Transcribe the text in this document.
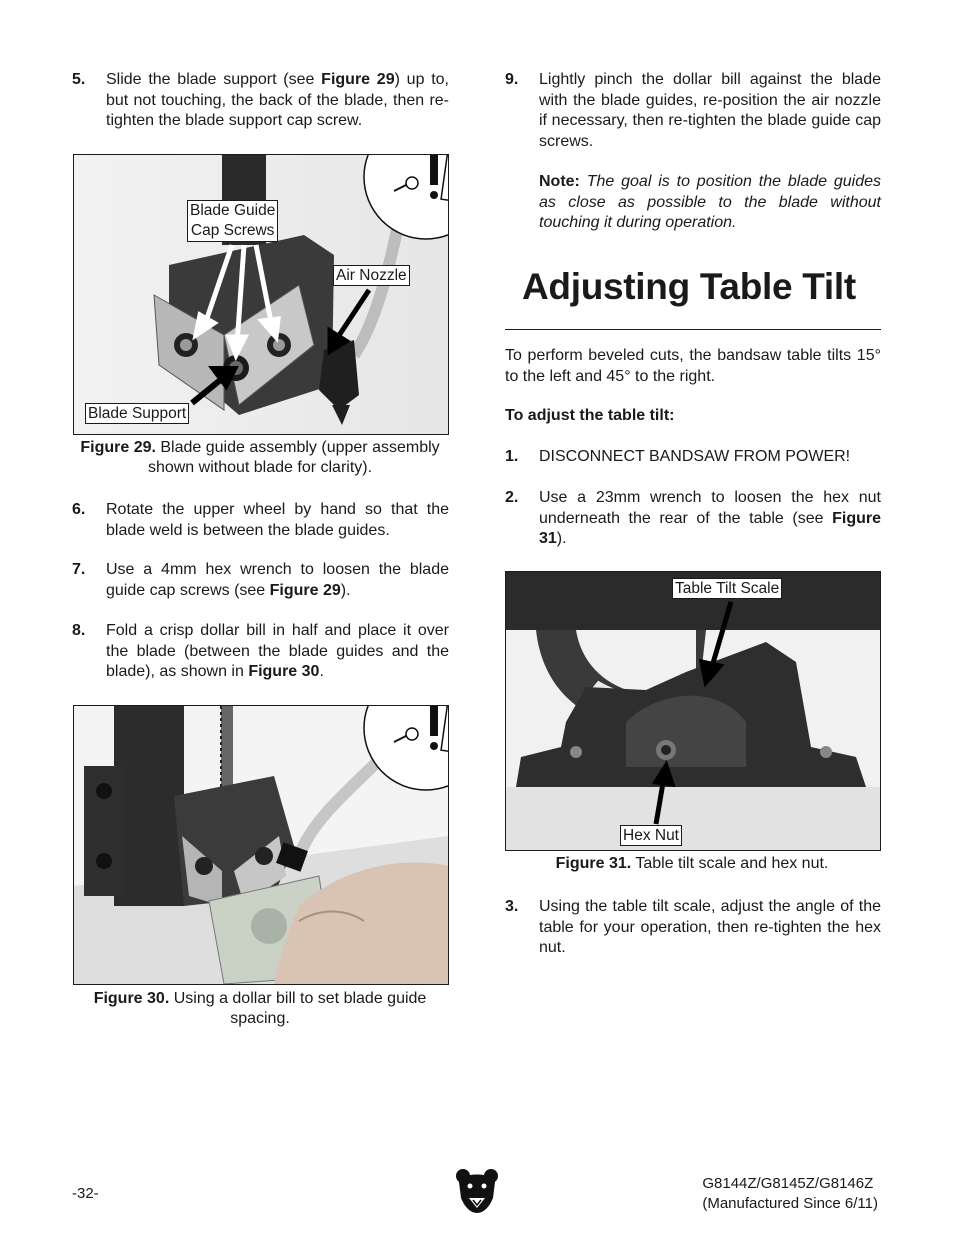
5.	Slide the blade support (see Figure 29) up to, but not touching, the back of the blade, then re-tighten the blade support cap screw.
Blade Guide
Cap Screws
Air Nozzle
Blade Support
Figure 29. Blade guide assembly (upper assembly shown without blade for clarity).
6.	Rotate the upper wheel by hand so that the blade weld is between the blade guides.
7.	Use a 4mm hex wrench to loosen the blade guide cap screws (see Figure 29).
8.	Fold a crisp dollar bill in half and place it over the blade (between the blade guides and the blade), as shown in Figure 30.
Figure 30. Using a dollar bill to set blade guide spacing.
9.	Lightly pinch the dollar bill against the blade with the blade guides, re-position the air nozzle if necessary, then re-tighten the blade guide cap screws.
Note: The goal is to position the blade guides as close as possible to the blade without touching it during operation.
Adjusting Table Tilt
To perform beveled cuts, the bandsaw table tilts 15° to the left and 45° to the right.
To adjust the table tilt:
1.	DISCONNECT BANDSAW FROM POWER!
2.	Use a 23mm wrench to loosen the hex nut underneath the rear of the table (see Figure 31).
Table Tilt Scale
Hex Nut
Figure 31. Table tilt scale and hex nut.
3.	Using the table tilt scale, adjust the angle of the table for your operation, then re-tighten the hex nut.
-32-
G8144Z/G8145Z/G8146Z
(Manufactured Since 6/11)
